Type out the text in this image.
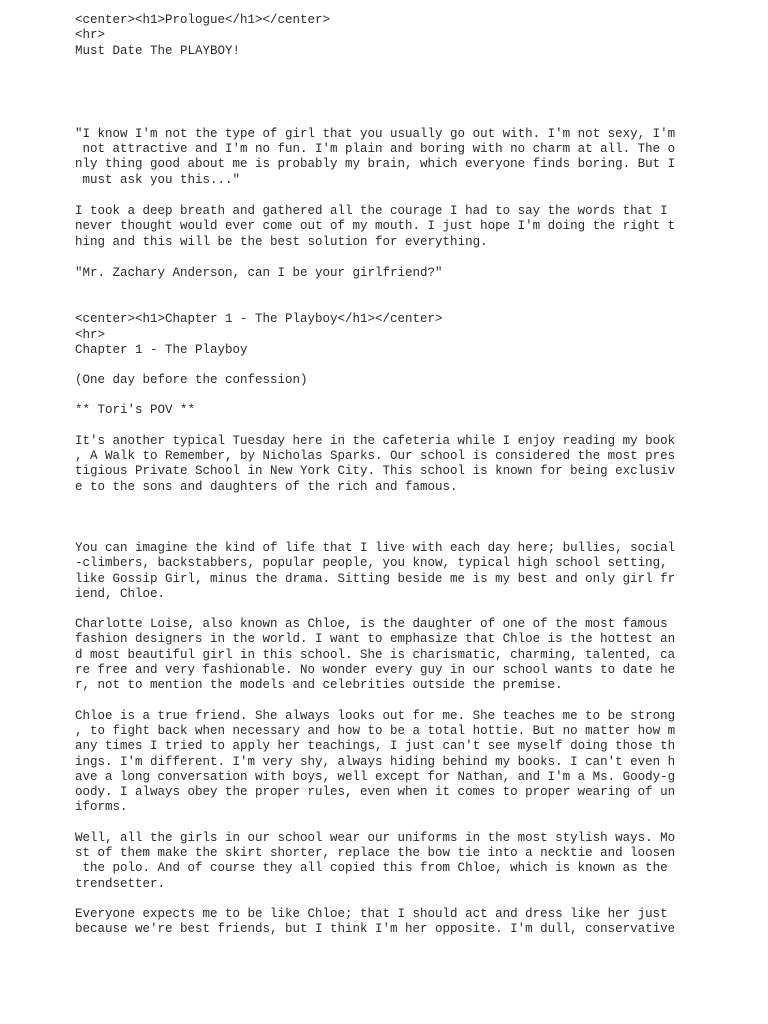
<center><h1>Prologue</h1></center>
<hr>
Must Date The PLAYBOY!

"I know I'm not the type of girl that you usually go out with. I'm not sexy, I'm
not attractive and I'm no fun. I'm plain and boring with no charm at all. The o
nly thing good about me is probably my brain, which everyone finds boring. But I
must ask you this..."

I took a deep breath and gathered all the courage I had to say the words that I
never thought would ever come out of my mouth. I just hope I'm doing the right t
hing and this will be the best solution for everything.

"Mr. Zachary Anderson, can I be your girlfriend?"

<center><h1>Chapter 1 - The Playboy</h1></center>
<hr>
Chapter 1 - The Playboy

(One day before the confession)

** Tori's POV **

It's another typical Tuesday here in the cafeteria while I enjoy reading my book
, A Walk to Remember, by Nicholas Sparks. Our school is considered the most pres
tigious Private School in New York City. This school is known for being exclusiv
e to the sons and daughters of the rich and famous.

You can imagine the kind of life that I live with each day here; bullies, social
-climbers, backstabbers, popular people, you know, typical high school setting,
like Gossip Girl, minus the drama. Sitting beside me is my best and only girl fr
iend, Chloe.

Charlotte Loise, also known as Chloe, is the daughter of one of the most famous
fashion designers in the world. I want to emphasize that Chloe is the hottest an
d most beautiful girl in this school. She is charismatic, charming, talented, ca
re free and very fashionable. No wonder every guy in our school wants to date he
r, not to mention the models and celebrities outside the premise.

Chloe is a true friend. She always looks out for me. She teaches me to be strong
, to fight back when necessary and how to be a total hottie. But no matter how m
any times I tried to apply her teachings, I just can't see myself doing those th
ings. I'm different. I'm very shy, always hiding behind my books. I can't even h
ave a long conversation with boys, well except for Nathan, and I'm a Ms. Goody-g
oody. I always obey the proper rules, even when it comes to proper wearing of un
iforms.

Well, all the girls in our school wear our uniforms in the most stylish ways. Mo
st of them make the skirt shorter, replace the bow tie into a necktie and loosen
the polo. And of course they all copied this from Chloe, which is known as the
trendsetter.

Everyone expects me to be like Chloe; that I should act and dress like her just
because we're best friends, but I think I'm her opposite. I'm dull, conservative
